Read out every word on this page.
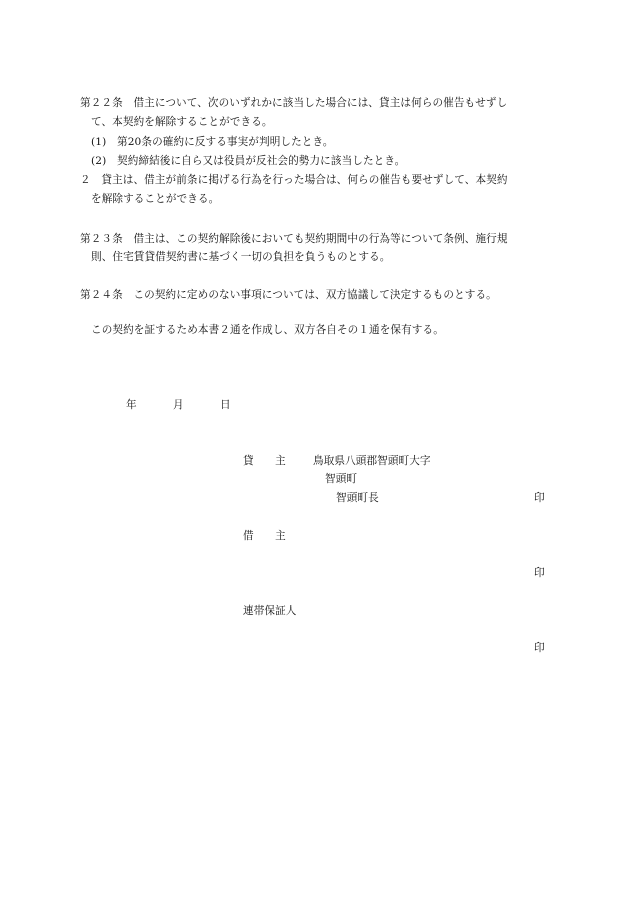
第２２条　借主について、次のいずれかに該当した場合には、貸主は何らの催告もせずし
て、本契約を解除することができる。
(1)　第20条の確約に反する事実が判明したとき。
(2)　契約締結後に自ら又は役員が反社会的勢力に該当したとき。
２　貸主は、借主が前条に掲げる行為を行った場合は、何らの催告も要せずして、本契約
を解除することができる。
第２３条　借主は、この契約解除後においても契約期間中の行為等について条例、施行規
則、住宅賃貸借契約書に基づく一切の負担を負うものとする。
第２４条　この契約に定めのない事項については、双方協議して決定するものとする。
この契約を証するため本書２通を作成し、双方各自その１通を保有する。
年	月	日
貸　　主	鳥取県八頭郡智頭町大字
智頭町
智頭町長	印
借　　主
印
連帯保証人
印
